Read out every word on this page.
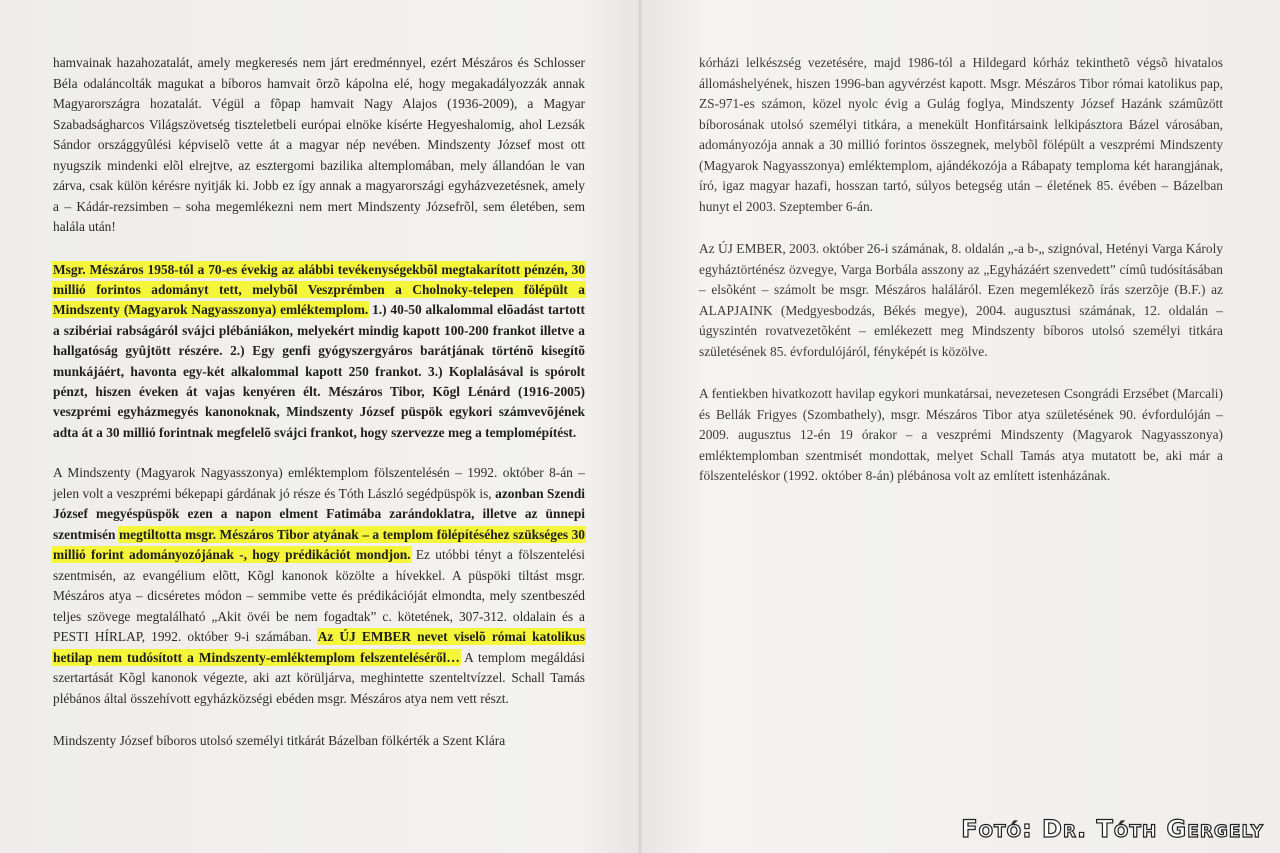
hamvainak hazahozatalát, amely megkeresés nem járt eredménnyel, ezért Mészáros és Schlosser Béla odaláncolták magukat a bíboros hamvait õrzõ kápolna elé, hogy megakadályozzák annak Magyarországra hozatalát. Végül a fõpap hamvait Nagy Alajos (1936-2009), a Magyar Szabadságharcos Világszövetség tiszteletbeli európai elnöke kísérte Hegyeshalomig, ahol Lezsák Sándor országgyûlési képviselõ vette át a magyar nép nevében. Mindszenty József most ott nyugszik mindenki elõl elrejtve, az esztergomi bazilika altemplomában, mely állandóan le van zárva, csak külön kérésre nyitják ki. Jobb ez így annak a magyarországi egyházvezetésnek, amely a – Kádár-rezsimben – soha megemlékezni nem mert Mindszenty Józsefrõl, sem életében, sem halála után!

Msgr. Mészáros 1958-tól a 70-es évekig az alábbi tevékenységekbõl megtakarított pénzén, 30 millió forintos adományt tett, melybõl Veszprémben a Cholnoky-telepen fölépült a Mindszenty (Magyarok Nagyasszonya) emléktemplom. 1.) 40-50 alkalommal elõadást tartott a szibériai rabságáról svájci plébániákon, melyekért mindig kapott 100-200 frankot illetve a hallgatóság gyûjtött részére. 2.) Egy genfi gyógyszergyáros barátjának történõ kisegítõ munkájáért, havonta egy-két alkalommal kapott 250 frankot. 3.) Koplalásával is spórolt pénzt, hiszen éveken át vajas kenyéren élt. Mészáros Tibor, Kõgl Lénárd (1916-2005) veszprémi egyházmegyés kanonoknak, Mindszenty József püspök egykori számvevõjének adta át a 30 millió forintnak megfelelõ svájci frankot, hogy szervezze meg a templomépítést.

A Mindszenty (Magyarok Nagyasszonya) emléktemplom fölszentelésén – 1992. október 8-án – jelen volt a veszprémi békepapi gárdának jó része és Tóth László segédpüspök is, azonban Szendi József megyéspüspök ezen a napon elment Fatimába zarándoklatra, illetve az ünnepi szentmisén megtiltotta msgr. Mészáros Tibor atyának – a templom fölépítéséhez szükséges 30 millió forint adományozójának -, hogy prédikációt mondjon. Ez utóbbi tényt a fölszentelési szentmisén, az evangélium elõtt, Kõgl kanonok közölte a hívekkel. A püspöki tiltást msgr. Mészáros atya – dicséretes módon – semmibe vette és prédikációját elmondta, mely szentbeszéd teljes szövege megtalálható „Akit övéi be nem fogadtak” c. kötetének, 307-312. oldalain és a PESTI HÍRLAP, 1992. október 9-i számában. Az ÚJ EMBER nevet viselõ római katolikus hetilap nem tudósított a Mindszenty-emléktemplom felszenteléséről… A templom megáldási szertartását Kõgl kanonok végezte, aki azt körüljárva, meghintette szenteltvízzel. Schall Tamás plébános által összehívott egyházközségi ebéden msgr. Mészáros atya nem vett részt.

Mindszenty József bíboros utolsó személyi titkárát Bázelban fölkérték a Szent Klára

kórházi lelkészség vezetésére, majd 1986-tól a Hildegard kórház tekinthetõ végsõ hivatalos állomáshelyének, hiszen 1996-ban agyvérzést kapott. Msgr. Mészáros Tibor római katolikus pap, ZS-971-es számon, közel nyolc évig a Gulág foglya, Mindszenty József Hazánk számûzött bíborosának utolsó személyi titkára, a menekült Honfitársaink lelkipásztora Bázel városában, adományozója annak a 30 millió forintos összegnek, melybõl fölépült a veszprémi Mindszenty (Magyarok Nagyasszonya) emléktemplom, ajándékozója a Rábapaty temploma két harangjának, író, igaz magyar hazafi, hosszan tartó, súlyos betegség után – életének 85. évében – Bázelban hunyt el 2003. Szeptember 6-án.

Az ÚJ EMBER, 2003. október 26-i számának, 8. oldalán „-a b-„ szignóval, Hetényi Varga Károly egyháztörténész özvegye, Varga Borbála asszony az „Egyházáért szenvedett” címû tudósításában – elsõként – számolt be msgr. Mészáros haláláról. Ezen megemlékezõ írás szerzõje (B.F.) az ALAPJAINK (Medgyesbodzás, Békés megye), 2004. augusztusi számának, 12. oldalán – úgyszintén rovatvezetõként – emlékezett meg Mindszenty bíboros utolsó személyi titkára születésének 85. évfordulójáról, fényképét is közölve.

A fentiekben hivatkozott havilap egykori munkatársai, nevezetesen Csongrádi Erzsébet (Marcali) és Bellák Frigyes (Szombathely), msgr. Mészáros Tibor atya születésének 90. évfordulóján – 2009. augusztus 12-én 19 órakor – a veszprémi Mindszenty (Magyarok Nagyasszonya) emléktemplomban szentmisét mondottak, melyet Schall Tamás atya mutatott be, aki már a fölszenteléskor (1992. október 8-án) plébánosa volt az említett istenházának.

Fotó: Dr. Tóth Gergely
